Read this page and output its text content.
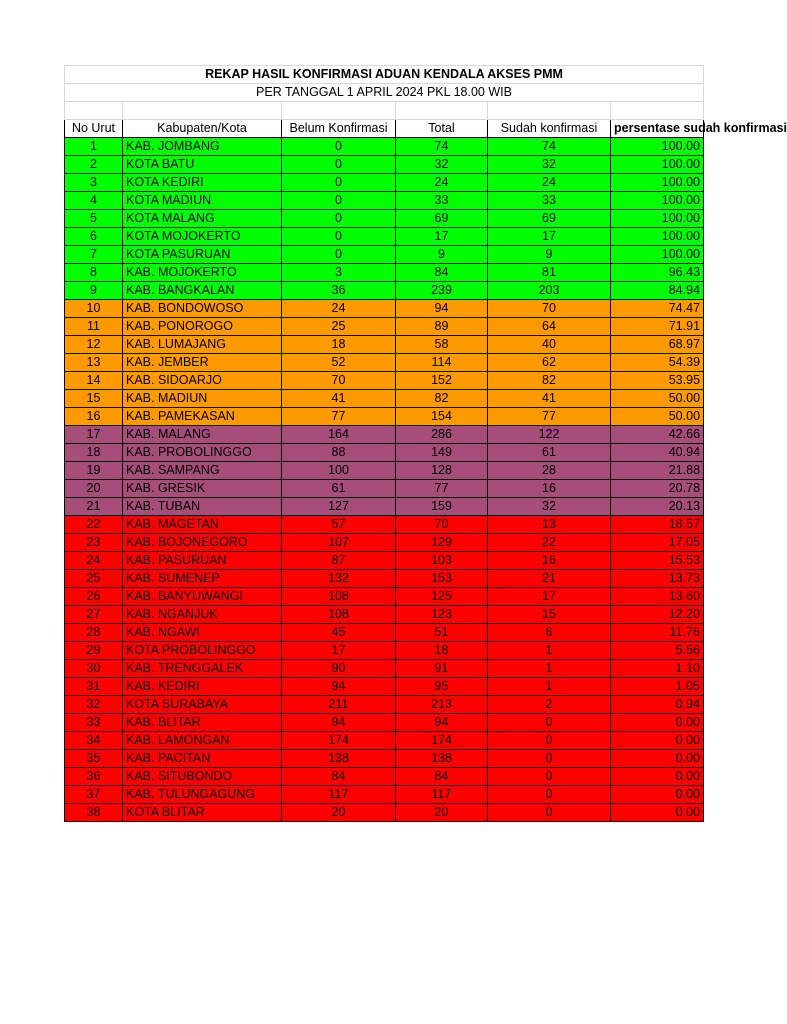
REKAP HASIL KONFIRMASI ADUAN KENDALA AKSES PMM					
PER TANGGAL 1 APRIL 2024 PKL 18.00 WIB					

No Urut	Kabupaten/Kota	Belum Konfirmasi	Total	Sudah konfirmasi	persentase sudah konfirmasi
1	KAB. JOMBANG	0	74	74	100.00
2	KOTA BATU	0	32	32	100.00
3	KOTA KEDIRI	0	24	24	100.00
4	KOTA MADIUN	0	33	33	100.00
5	KOTA MALANG	0	69	69	100.00
6	KOTA MOJOKERTO	0	17	17	100.00
7	KOTA PASURUAN	0	9	9	100.00
8	KAB. MOJOKERTO	3	84	81	96.43
9	KAB. BANGKALAN	36	239	203	84.94
10	KAB. BONDOWOSO	24	94	70	74.47
11	KAB. PONOROGO	25	89	64	71.91
12	KAB. LUMAJANG	18	58	40	68.97
13	KAB. JEMBER	52	114	62	54.39
14	KAB. SIDOARJO	70	152	82	53.95
15	KAB. MADIUN	41	82	41	50.00
16	KAB. PAMEKASAN	77	154	77	50.00
17	KAB. MALANG	164	286	122	42.66
18	KAB. PROBOLINGGO	88	149	61	40.94
19	KAB. SAMPANG	100	128	28	21.88
20	KAB. GRESIK	61	77	16	20.78
21	KAB. TUBAN	127	159	32	20.13
22	KAB. MAGETAN	57	70	13	18.57
23	KAB. BOJONEGORO	107	129	22	17.05
24	KAB. PASURUAN	87	103	16	15.53
25	KAB. SUMENEP	132	153	21	13.73
26	KAB. BANYUWANGI	108	125	17	13.60
27	KAB. NGANJUK	108	123	15	12.20
28	KAB. NGAWI	45	51	6	11.76
29	KOTA PROBOLINGGO	17	18	1	5.56
30	KAB. TRENGGALEK	90	91	1	1.10
31	KAB. KEDIRI	94	95	1	1.05
32	KOTA SURABAYA	211	213	2	0.94
33	KAB. BLITAR	94	94	0	0.00
34	KAB. LAMONGAN	174	174	0	0.00
35	KAB. PACITAN	138	138	0	0.00
36	KAB. SITUBONDO	84	84	0	0.00
37	KAB. TULUNGAGUNG	117	117	0	0.00
38	KOTA BLITAR	20	20	0	0.00
